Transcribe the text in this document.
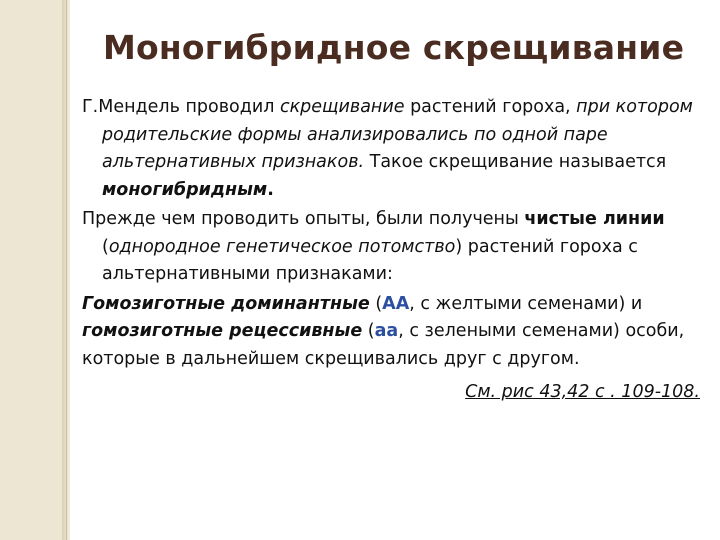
Моногибридное скрещивание

Г.Мендель проводил скрещивание растений гороха, при котором родительские формы анализировались по одной паре альтернативных признаков. Такое скрещивание называется моногибридным.

Прежде чем проводить опыты, были получены чистые линии (однородное генетическое потомство) растений гороха с альтернативными признаками:

Гомозиготные доминантные (АА, с желтыми семенами) и гомозиготные рецессивные (аа, с зелеными семенами) особи, которые в дальнейшем скрещивались друг с другом.

См. рис 43,42 с . 109-108.
